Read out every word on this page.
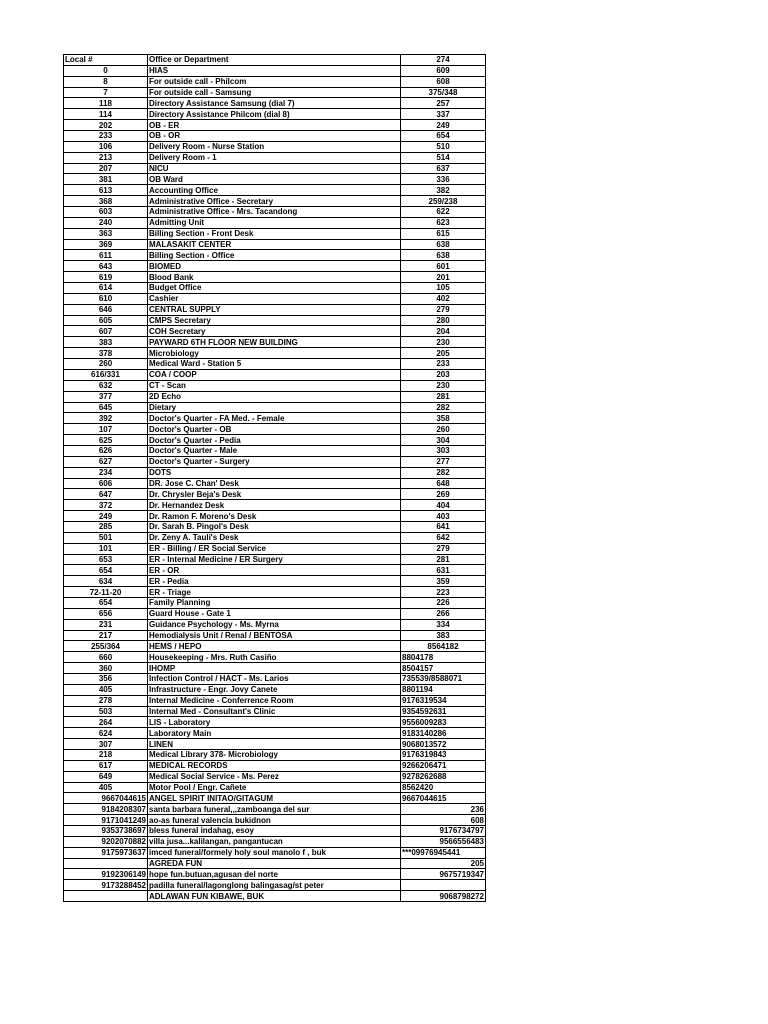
Local #	Office or Department	274
0	HIAS	609
8	For outside call - Philcom	608
7	For outside call - Samsung	375/348
118	Directory Assistance Samsung (dial 7)	257
114	Directory Assistance Philcom (dial 8)	337
202	OB - ER	249
233	OB - OR	654
106	Delivery Room - Nurse Station	510
213	Delivery Room - 1	514
207	NICU	637
381	OB Ward	336
613	Accounting Office	382
368	Administrative Office - Secretary	259/238
603	Administrative Office - Mrs. Tacandong	622
240	Admitting Unit	623
363	Billing Section - Front Desk	615
369	MALASAKIT CENTER	638
611	Billing Section - Office	638
643	BIOMED	601
619	Blood Bank	201
614	Budget Office	105
610	Cashier	402
646	CENTRAL SUPPLY	279
605	CMPS Secretary	280
607	COH Secretary	204
383	PAYWARD 6TH FLOOR NEW BUILDING	230
378	Microbiology	205
260	Medical Ward - Station 5	233
616/331	COA / COOP	203
632	CT - Scan	230
377	2D Echo	281
645	Dietary	282
392	Doctor's Quarter - FA Med. - Female	358
107	Doctor's Quarter - OB	260
625	Doctor's Quarter - Pedia	304
626	Doctor's Quarter - Male	303
627	Doctor's Quarter - Surgery	277
234	DOTS	282
606	DR. Jose C. Chan' Desk	648
647	Dr. Chrysler Beja's Desk	269
372	Dr. Hernandez Desk	404
249	Dr. Ramon F. Moreno's Desk	403
285	Dr. Sarah B. Pingol's Desk	641
501	Dr. Zeny A. Tauli's Desk	642
101	ER - Billing / ER Social Service	279
653	ER - Internal Medicine / ER Surgery	281
654	ER - OR	631
634	ER - Pedia	359
72-11-20	ER - Triage	223
654	Family Planning	226
656	Guard House - Gate 1	266
231	Guidance Psychology - Ms. Myrna	334
217	Hemodialysis Unit / Renal / BENTOSA	383
255/364	HEMS / HEPO	8564182
660	Housekeeping - Mrs. Ruth Casiño	8804178
360	IHOMP	8504157
356	Infection Control / HACT - Ms. Larios	735539/8588071
405	Infrastructure - Engr. Jovy Canete	8801194
278	Internal Medicine - Conferrence Room	9176319534
503	Internal Med - Consultant's Clinic	9354592631
264	LIS - Laboratory	9556009283
624	Laboratory Main	9183140286
307	LINEN	9068013572
218	Medical Library 378- Microbiology	9176319843
617	MEDICAL RECORDS	9266206471
649	Medical Social Service - Ms. Perez	9278262688
405	Motor Pool / Engr. Cañete	8562420
9667044615	ANGEL SPIRIT INITAO/GITAGUM	9667044615
9184208307	santa barbara funeral,,,zamboanga del sur	236
9171041249	ao-as funeral valencia bukidnon	608
9353738697	bless funeral indahag, esoy	9176734797
9202070882	villa jusa...kalilangan, pangantucan	9566556483
9175973637	imced funeral/formely holy soul manolo f , buk	***09976945441
	AGREDA FUN	205
9192306149	hope fun.butuan,agusan del norte	9675719347
9173288452	padilla funeral/lagonglong balingasag/st peter	
	ADLAWAN FUN KIBAWE, BUK	9068798272
